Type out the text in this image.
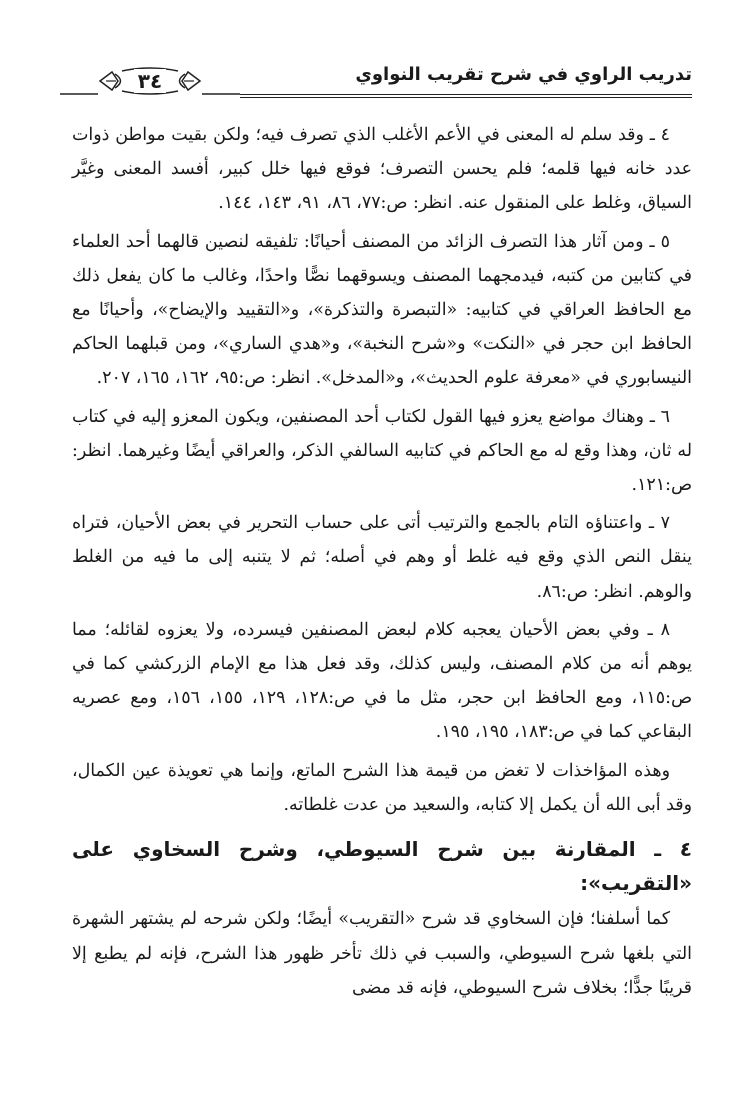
تدريب الراوي في شرح تقريب النواوي
٣٤

٤ ـ وقد سلم له المعنى في الأعم الأغلب الذي تصرف فيه؛ ولكن بقيت مواطن ذوات عدد خانه فيها قلمه؛ فلم يحسن التصرف؛ فوقع فيها خلل كبير، أفسد المعنى وغيَّر السياق، وغلط على المنقول عنه. انظر: ص:٧٧، ٨٦، ٩١، ١٤٣، ١٤٤.

٥ ـ ومن آثار هذا التصرف الزائد من المصنف أحيانًا: تلفيقه لنصين قالهما أحد العلماء في كتابين من كتبه، فيدمجهما المصنف ويسوقهما نصًّا واحدًا، وغالب ما كان يفعل ذلك مع الحافظ العراقي في كتابيه: «التبصرة والتذكرة»، و«التقييد والإيضاح»، وأحيانًا مع الحافظ ابن حجر في «النكت» و«شرح النخبة»، و«هدي الساري»، ومن قبلهما الحاكم النيسابوري في «معرفة علوم الحديث»، و«المدخل». انظر: ص:٩٥، ١٦٢، ١٦٥، ٢٠٧.

٦ ـ وهناك مواضع يعزو فيها القول لكتاب أحد المصنفين، ويكون المعزو إليه في كتاب له ثان، وهذا وقع له مع الحاكم في كتابيه السالفي الذكر، والعراقي أيضًا وغيرهما. انظر: ص:١٢١.

٧ ـ واعتناؤه التام بالجمع والترتيب أتى على حساب التحرير في بعض الأحيان، فتراه ينقل النص الذي وقع فيه غلط أو وهم في أصله؛ ثم لا يتنبه إلى ما فيه من الغلط والوهم. انظر: ص:٨٦.

٨ ـ وفي بعض الأحيان يعجبه كلام لبعض المصنفين فيسرده، ولا يعزوه لقائله؛ مما يوهم أنه من كلام المصنف، وليس كذلك، وقد فعل هذا مع الإمام الزركشي كما في ص:١١٥، ومع الحافظ ابن حجر، مثل ما في ص:١٢٨، ١٢٩، ١٥٥، ١٥٦، ومع عصريه البقاعي كما في ص:١٨٣، ١٩٥، ١٩٥.

وهذه المؤاخذات لا تغض من قيمة هذا الشرح الماتع، وإنما هي تعويذة عين الكمال، وقد أبى الله أن يكمل إلا كتابه، والسعيد من عدت غلطاته.

٤ ـ المقارنة بين شرح السيوطي، وشرح السخاوي على «التقريب»:

كما أسلفنا؛ فإن السخاوي قد شرح «التقريب» أيضًا؛ ولكن شرحه لم يشتهر الشهرة التي بلغها شرح السيوطي، والسبب في ذلك تأخر ظهور هذا الشرح، فإنه لم يطبع إلا قريبًا جدًّا؛ بخلاف شرح السيوطي، فإنه قد مضى
